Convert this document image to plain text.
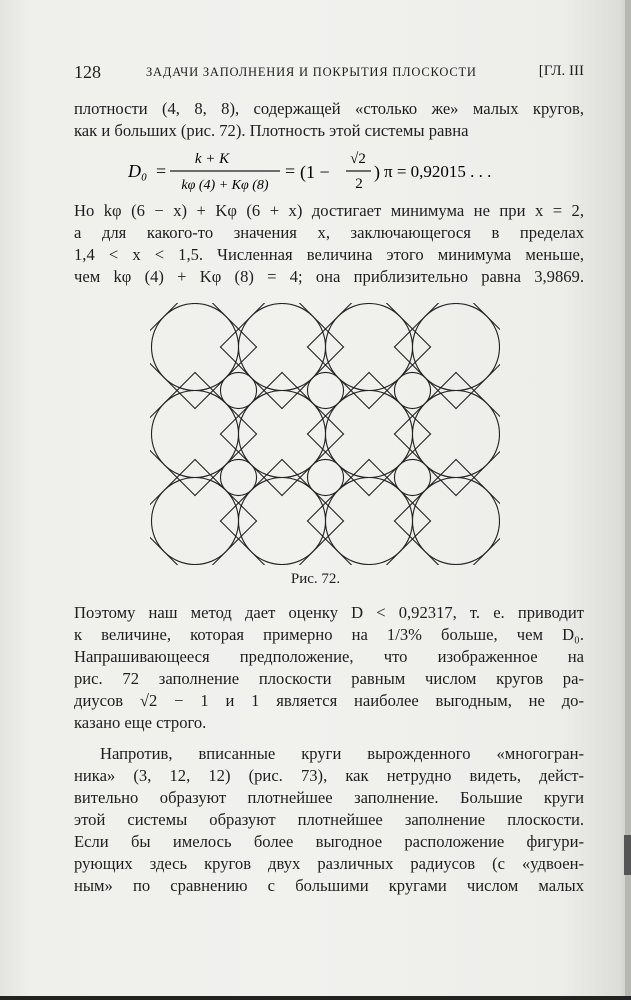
128	ЗАДАЧИ ЗАПОЛНЕНИЯ И ПОКРЫТИЯ ПЛОСКОСТИ	[ГЛ. III
плотности (4, 8, 8), содержащей «столько же» малых кругов,
как и больших (рис. 72). Плотность этой системы равна
D₀ =
k + K
kφ (4) + Kφ (8)
= (1 −
√2
2
) π = 0,92015 . . .
Но kφ (6 − x) + Kφ (6 + x) достигает минимума не при x = 2,
а для какого-то значения x, заключающегося в пределах
1,4 < x < 1,5. Численная величина этого минимума меньше,
чем kφ (4) + Kφ (8) = 4; она приблизительно равна 3,9869.
Рис. 72.
Поэтому наш метод дает оценку D < 0,92317, т. е. приводит
к величине, которая примерно на 1/3% больше, чем D₀.
Напрашивающееся предположение, что изображенное на
рис. 72 заполнение плоскости равным числом кругов ра-
диусов √2 − 1 и 1 является наиболее выгодным, не до-
казано еще строго.
Напротив, вписанные круги вырожденного «многогран-
ника» (3, 12, 12) (рис. 73), как нетрудно видеть, дейст-
вительно образуют плотнейшее заполнение. Большие круги
этой системы образуют плотнейшее заполнение плоскости.
Если бы имелось более выгодное расположение фигури-
рующих здесь кругов двух различных радиусов (с «удвоен-
ным» по сравнению с большими кругами числом малых
